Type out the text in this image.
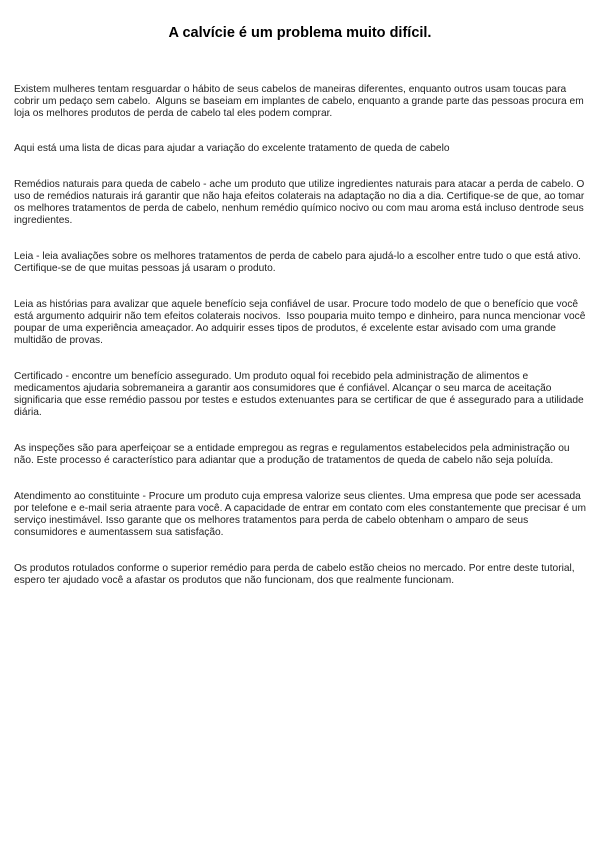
A calvície é um problema muito difícil.

Existem mulheres tentam resguardar o hábito de seus cabelos de maneiras diferentes, enquanto outros usam toucas para cobrir um pedaço sem cabelo.  Alguns se baseiam em implantes de cabelo, enquanto a grande parte das pessoas procura em  loja os melhores produtos de perda de cabelo tal eles podem comprar.

Aqui está uma lista de dicas para ajudar a variação do excelente tratamento de queda de cabelo

Remédios naturais para queda de cabelo - ache um produto que utilize ingredientes naturais para atacar a perda de cabelo. O uso de remédios naturais irá garantir que não haja efeitos colaterais na adaptação no dia a dia. Certifique-se de que, ao tomar os melhores tratamentos de perda de cabelo, nenhum remédio químico nocivo ou com mau aroma está incluso dentrode seus ingredientes.

Leia - leia avaliações sobre os melhores tratamentos de perda de cabelo para ajudá-lo a escolher entre tudo o que está ativo. Certifique-se de que muitas pessoas já usaram o produto.

Leia as histórias para avalizar que aquele benefício seja confiável de usar. Procure todo modelo de que o benefício que você está argumento adquirir não tem efeitos colaterais nocivos.  Isso pouparia muito tempo e dinheiro, para nunca mencionar você poupar de uma experiência ameaçador. Ao adquirir esses tipos de produtos, é excelente estar avisado com uma grande multidão de provas.

Certificado - encontre um benefício assegurado. Um produto oqual foi recebido pela administração de alimentos e medicamentos ajudaria sobremaneira a garantir aos consumidores que é confiável. Alcançar o seu marca de aceitação significaria que esse remédio passou por testes e estudos extenuantes para se certificar de que é assegurado para a utilidade diária.

As inspeções são para aperfeiçoar se a entidade empregou as regras e regulamentos estabelecidos pela administração ou não. Este processo é característico para adiantar que a produção de tratamentos de queda de cabelo não seja poluída.

Atendimento ao constituinte - Procure um produto cuja empresa valorize seus clientes. Uma empresa que pode ser acessada por telefone e e-mail seria atraente para você. A capacidade de entrar em contato com eles constantemente que precisar é um serviço inestimável. Isso garante que os melhores tratamentos para perda de cabelo obtenham o amparo de seus consumidores e aumentassem sua satisfação.

Os produtos rotulados conforme o superior remédio para perda de cabelo estão cheios no mercado. Por entre deste tutorial, espero ter ajudado você a afastar os produtos que não funcionam, dos que realmente funcionam.
